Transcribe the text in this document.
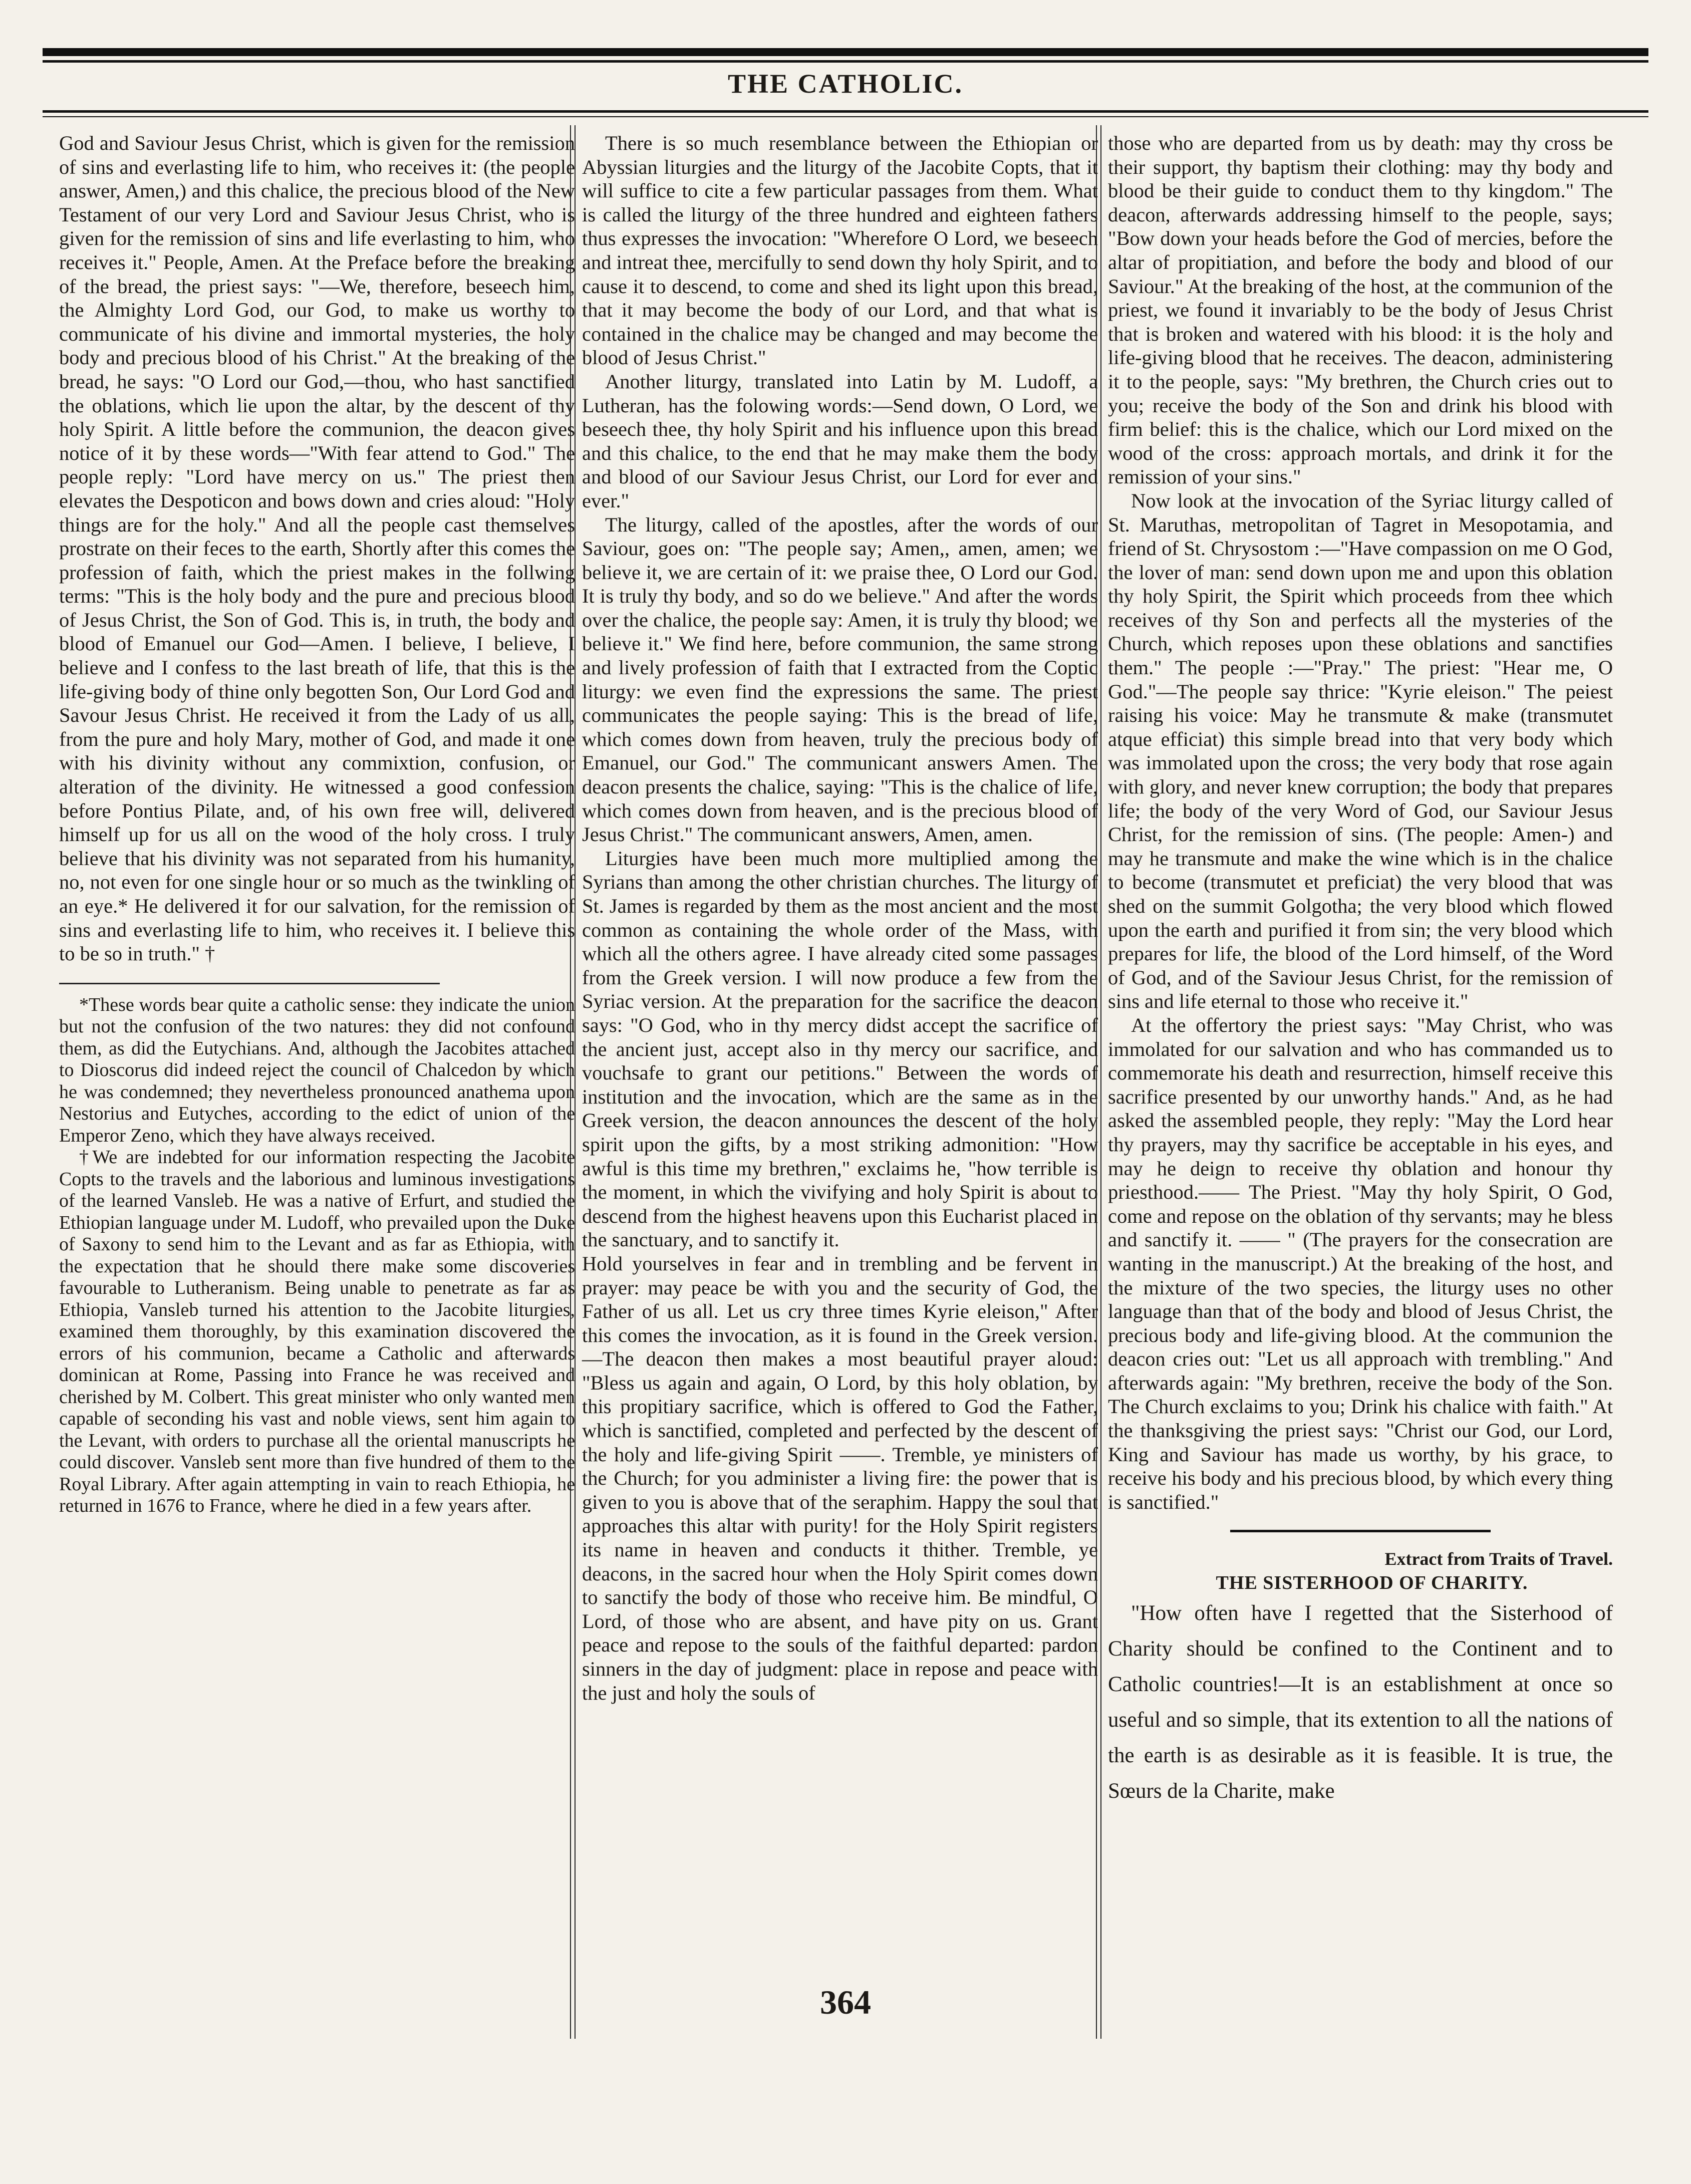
THE CATHOLIC.

God and Saviour Jesus Christ, which is given for the remission of sins and everlasting life to him, who receives it: (the people answer, Amen,) and this chalice, the precious blood of the New Testament of our very Lord and Saviour Jesus Christ, who is given for the remission of sins and life everlasting to him, who receives it." People, Amen. At the Preface before the breaking of the bread, the priest says: "—We, therefore, beseech him, the Almighty Lord God, our God, to make us worthy to communicate of his divine and immortal mysteries, the holy body and precious blood of his Christ." At the breaking of the bread, he says: "O Lord our God,—thou, who hast sanctified the oblations, which lie upon the altar, by the descent of thy holy Spirit. A little before the communion, the deacon gives notice of it by these words—"With fear attend to God." The people reply: "Lord have mercy on us." The priest then elevates the Despoticon and bows down and cries aloud: "Holy things are for the holy." And all the people cast themselves prostrate on their feces to the earth, Shortly after this comes the profession of faith, which the priest makes in the follwing terms: "This is the holy body and the pure and precious blood of Jesus Christ, the Son of God. This is, in truth, the body and blood of Emanuel our God—Amen. I believe, I believe, I believe and I confess to the last breath of life, that this is the life-giving body of thine only begotten Son, Our Lord God and Savour Jesus Christ. He received it from the Lady of us all, from the pure and holy Mary, mother of God, and made it one with his divinity without any commixtion, confusion, or alteration of the divinity. He witnessed a good confession before Pontius Pilate, and, of his own free will, delivered himself up for us all on the wood of the holy cross. I truly believe that his divinity was not separated from his humanity, no, not even for one single hour or so much as the twinkling of an eye.* He delivered it for our salvation, for the remission of sins and everlasting life to him, who receives it. I believe this to be so in truth." †

*These words bear quite a catholic sense: they indicate the union but not the confusion of the two natures: they did not confound them, as did the Eutychians. And, although the Jacobites attached to Dioscorus did indeed reject the council of Chalcedon by which he was condemned; they nevertheless pronounced anathema upon Nestorius and Eutyches, according to the edict of union of the Emperor Zeno, which they have always received.

†We are indebted for our information respecting the Jacobite Copts to the travels and the laborious and luminous investigations of the learned Vansleb. He was a native of Erfurt, and studied the Ethiopian language under M. Ludoff, who prevailed upon the Duke of Saxony to send him to the Levant and as far as Ethiopia, with the expectation that he should there make some discoveries favourable to Lutheranism. Being unable to penetrate as far as Ethiopia, Vansleb turned his attention to the Jacobite liturgies, examined them thoroughly, by this examination discovered the errors of his communion, became a Catholic and afterwards dominican at Rome, Passing into France he was received and cherished by M. Colbert. This great minister who only wanted men capable of seconding his vast and noble views, sent him again to the Levant, with orders to purchase all the oriental manuscripts he could discover. Vansleb sent more than five hundred of them to the Royal Library. After again attempting in vain to reach Ethiopia, he returned in 1676 to France, where he died in a few years after.

There is so much resemblance between the Ethiopian or Abyssian liturgies and the liturgy of the Jacobite Copts, that it will suffice to cite a few particular passages from them. What is called the liturgy of the three hundred and eighteen fathers thus expresses the invocation: "Wherefore O Lord, we beseech and intreat thee, mercifully to send down thy holy Spirit, and to cause it to descend, to come and shed its light upon this bread, that it may become the body of our Lord, and that what is contained in the chalice may be changed and may become the blood of Jesus Christ."

Another liturgy, translated into Latin by M. Ludoff, a Lutheran, has the folowing words:—Send down, O Lord, we beseech thee, thy holy Spirit and his influence upon this bread and this chalice, to the end that he may make them the body and blood of our Saviour Jesus Christ, our Lord for ever and ever."

The liturgy, called of the apostles, after the words of our Saviour, goes on: "The people say; Amen,, amen, amen; we believe it, we are certain of it: we praise thee, O Lord our God. It is truly thy body, and so do we believe." And after the words over the chalice, the people say: Amen, it is truly thy blood; we believe it." We find here, before communion, the same strong and lively profession of faith that I extracted from the Coptic liturgy: we even find the expressions the same. The priest communicates the people saying: This is the bread of life, which comes down from heaven, truly the precious body of Emanuel, our God." The communicant answers Amen. The deacon presents the chalice, saying: "This is the chalice of life, which comes down from heaven, and is the precious blood of Jesus Christ." The communicant answers, Amen, amen.

Liturgies have been much more multiplied among the Syrians than among the other christian churches. The liturgy of St. James is regarded by them as the most ancient and the most common as containing the whole order of the Mass, with which all the others agree. I have already cited some passages from the Greek version. I will now produce a few from the Syriac version. At the preparation for the sacrifice the deacon says: "O God, who in thy mercy didst accept the sacrifice of the ancient just, accept also in thy mercy our sacrifice, and vouchsafe to grant our petitions." Between the words of institution and the invocation, which are the same as in the Greek version, the deacon announces the descent of the holy spirit upon the gifts, by a most striking admonition: "How awful is this time my brethren," exclaims he, "how terrible is the moment, in which the vivifying and holy Spirit is about to descend from the highest heavens upon this Eucharist placed in the sanctuary, and to sanctify it.

Hold yourselves in fear and in trembling and be fervent in prayer: may peace be with you and the security of God, the Father of us all. Let us cry three times Kyrie eleison," After this comes the invocation, as it is found in the Greek version.—The deacon then makes a most beautiful prayer aloud: "Bless us again and again, O Lord, by this holy oblation, by this propitiary sacrifice, which is offered to God the Father, which is sanctified, completed and perfected by the descent of the holy and life-giving Spirit ——. Tremble, ye ministers of the Church; for you administer a living fire: the power that is given to you is above that of the seraphim. Happy the soul that approaches this altar with purity! for the Holy Spirit registers its name in heaven and conducts it thither. Tremble, ye deacons, in the sacred hour when the Holy Spirit comes down to sanctify the body of those who receive him. Be mindful, O Lord, of those who are absent, and have pity on us. Grant peace and repose to the souls of the faithful departed: pardon sinners in the day of judgment: place in repose and peace with the just and holy the souls of

those who are departed from us by death: may thy cross be their support, thy baptism their clothing: may thy body and blood be their guide to conduct them to thy kingdom." The deacon, afterwards addressing himself to the people, says; "Bow down your heads before the God of mercies, before the altar of propitiation, and before the body and blood of our Saviour." At the breaking of the host, at the communion of the priest, we found it invariably to be the body of Jesus Christ that is broken and watered with his blood: it is the holy and life-giving blood that he receives. The deacon, administering it to the people, says: "My brethren, the Church cries out to you; receive the body of the Son and drink his blood with firm belief: this is the chalice, which our Lord mixed on the wood of the cross: approach mortals, and drink it for the remission of your sins."

Now look at the invocation of the Syriac liturgy called of St. Maruthas, metropolitan of Tagret in Mesopotamia, and friend of St. Chrysostom :—"Have compassion on me O God, the lover of man: send down upon me and upon this oblation thy holy Spirit, the Spirit which proceeds from thee which receives of thy Son and perfects all the mysteries of the Church, which reposes upon these oblations and sanctifies them." The people :—"Pray." The priest: "Hear me, O God."—The people say thrice: "Kyrie eleison." The peiest raising his voice: May he transmute & make (transmutet atque efficiat) this simple bread into that very body which was immolated upon the cross; the very body that rose again with glory, and never knew corruption; the body that prepares life; the body of the very Word of God, our Saviour Jesus Christ, for the remission of sins. (The people: Amen-) and may he transmute and make the wine which is in the chalice to become (transmutet et preficiat) the very blood that was shed on the summit Golgotha; the very blood which flowed upon the earth and purified it from sin; the very blood which prepares for life, the blood of the Lord himself, of the Word of God, and of the Saviour Jesus Christ, for the remission of sins and life eternal to those who receive it."

At the offertory the priest says: "May Christ, who was immolated for our salvation and who has commanded us to commemorate his death and resurrection, himself receive this sacrifice presented by our unworthy hands." And, as he had asked the assembled people, they reply: "May the Lord hear thy prayers, may thy sacrifice be acceptable in his eyes, and may he deign to receive thy oblation and honour thy priesthood.—— The Priest. "May thy holy Spirit, O God, come and repose on the oblation of thy servants; may he bless and sanctify it. —— " (The prayers for the consecration are wanting in the manuscript.) At the breaking of the host, and the mixture of the two species, the liturgy uses no other language than that of the body and blood of Jesus Christ, the precious body and life-giving blood. At the communion the deacon cries out: "Let us all approach with trembling." And afterwards again: "My brethren, receive the body of the Son. The Church exclaims to you; Drink his chalice with faith." At the thanksgiving the priest says: "Christ our God, our Lord, King and Saviour has made us worthy, by his grace, to receive his body and his precious blood, by which every thing is sanctified."

Extract from Traits of Travel.

THE SISTERHOOD OF CHARITY.

"How often have I regetted that the Sisterhood of Charity should be confined to the Continent and to Catholic countries!—It is an establishment at once so useful and so simple, that its extention to all the nations of the earth is as desirable as it is feasible. It is true, the Sœurs de la Charite, make

364
